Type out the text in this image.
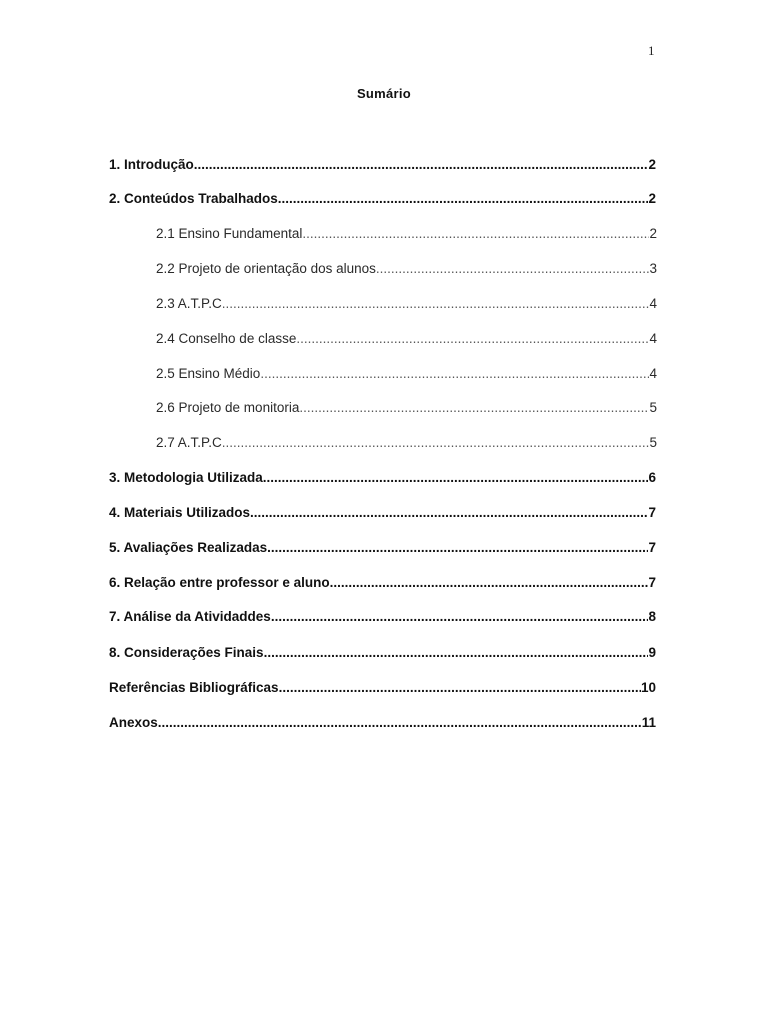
1
Sumário
1. Introdução .....	2
2. Conteúdos Trabalhados .....	2
2.1 Ensino Fundamental .....	2
2.2 Projeto de orientação dos alunos .....	3
2.3 A.T.P.C .....	4
2.4 Conselho de classe .....	4
2.5 Ensino Médio .....	4
2.6 Projeto de monitoria .....	5
2.7 A.T.P.C .....	5
3. Metodologia Utilizada .....	6
4. Materiais Utilizados .....	7
5. Avaliações Realizadas .....	7
6. Relação entre professor e aluno .....	7
7. Análise da Atividaddes .....	8
8. Considerações Finais .....	9
Referências Bibliográficas .....	10
Anexos .....	11
